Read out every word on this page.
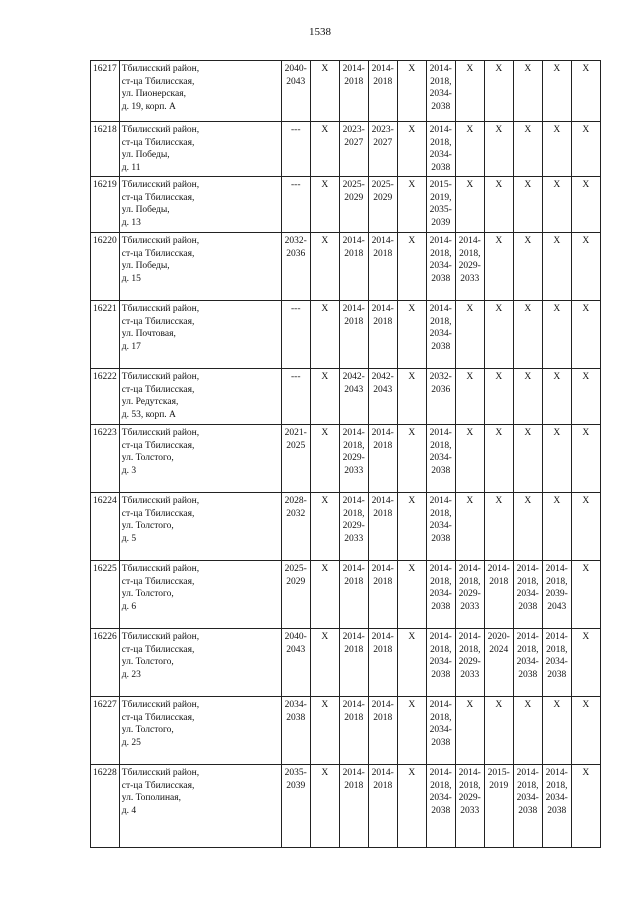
1538
16217	Тбилисский район,
ст-ца Тбилисская,
ул. Пионерская,
д. 19, корп. А	2040-
2043	X	2014-
2018	2014-
2018	X	2014-
2018,
2034-
2038	X	X	X	X	X

16218	Тбилисский район,
ст-ца Тбилисская,
ул. Победы,
д. 11	---	X	2023-
2027	2023-
2027	X	2014-
2018,
2034-
2038	X	X	X	X	X

16219	Тбилисский район,
ст-ца Тбилисская,
ул. Победы,
д. 13	---	X	2025-
2029	2025-
2029	X	2015-
2019,
2035-
2039	X	X	X	X	X

16220	Тбилисский район,
ст-ца Тбилисская,
ул. Победы,
д. 15	2032-
2036	X	2014-
2018	2014-
2018	X	2014-
2018,
2034-
2038	2014-
2018,
2029-
2033	X	X	X	X

16221	Тбилисский район,
ст-ца Тбилисская,
ул. Почтовая,
д. 17	---	X	2014-
2018	2014-
2018	X	2014-
2018,
2034-
2038	X	X	X	X	X

16222	Тбилисский район,
ст-ца Тбилисская,
ул. Редутская,
д. 53, корп. А	---	X	2042-
2043	2042-
2043	X	2032-
2036	X	X	X	X	X

16223	Тбилисский район,
ст-ца Тбилисская,
ул. Толстого,
д. 3	2021-
2025	X	2014-
2018,
2029-
2033	2014-
2018	X	2014-
2018,
2034-
2038	X	X	X	X	X

16224	Тбилисский район,
ст-ца Тбилисская,
ул. Толстого,
д. 5	2028-
2032	X	2014-
2018,
2029-
2033	2014-
2018	X	2014-
2018,
2034-
2038	X	X	X	X	X

16225	Тбилисский район,
ст-ца Тбилисская,
ул. Толстого,
д. 6	2025-
2029	X	2014-
2018	2014-
2018	X	2014-
2018,
2034-
2038	2014-
2018,
2029-
2033	2014-
2018	2014-
2018,
2034-
2038	2014-
2018,
2039-
2043	X

16226	Тбилисский район,
ст-ца Тбилисская,
ул. Толстого,
д. 23	2040-
2043	X	2014-
2018	2014-
2018	X	2014-
2018,
2034-
2038	2014-
2018,
2029-
2033	2020-
2024	2014-
2018,
2034-
2038	2014-
2018,
2034-
2038	X

16227	Тбилисский район,
ст-ца Тбилисская,
ул. Толстого,
д. 25	2034-
2038	X	2014-
2018	2014-
2018	X	2014-
2018,
2034-
2038	X	X	X	X	X

16228	Тбилисский район,
ст-ца Тбилисская,
ул. Тополиная,
д. 4	2035-
2039	X	2014-
2018	2014-
2018	X	2014-
2018,
2034-
2038	2014-
2018,
2029-
2033	2015-
2019	2014-
2018,
2034-
2038	2014-
2018,
2034-
2038	X
